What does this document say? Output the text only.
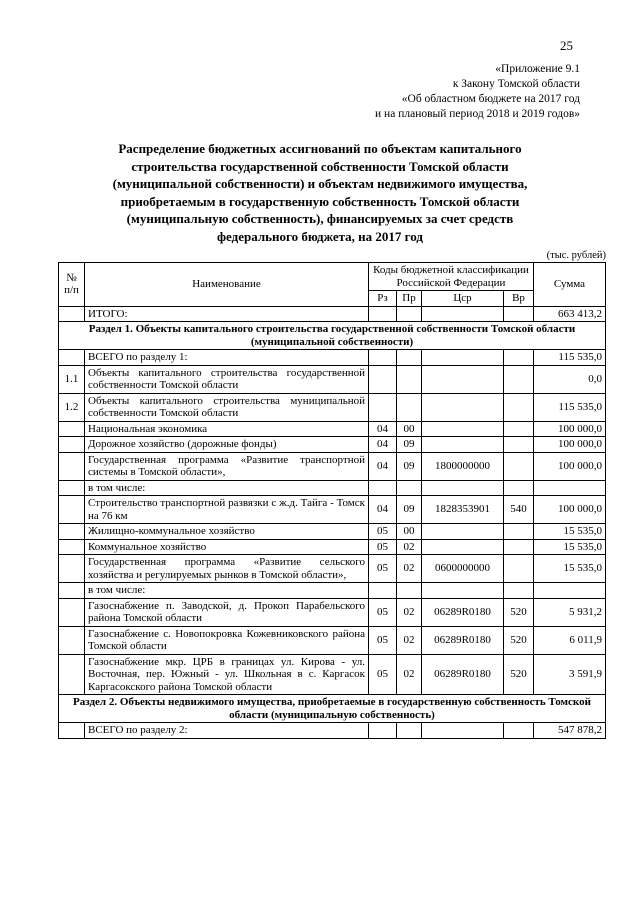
25
«Приложение 9.1
к Закону Томской области
«Об областном бюджете на 2017 год
и на плановый период 2018 и 2019 годов»
Распределение бюджетных ассигнований по объектам капитального
строительства государственной собственности Томской области
(муниципальной собственности) и объектам недвижимого имущества,
приобретаемым в государственную собственность Томской области
(муниципальную собственность), финансируемых за счет средств
федерального бюджета, на 2017 год
(тыс. рублей)
№ п/п	Наименование	Коды бюджетной классификации Российской Федерации				Сумма
		Рз	Пр	Цср	Вр	
	ИТОГО:					663 413,2
Раздел 1. Объекты капитального строительства государственной собственности Томской области (муниципальной собственности)						
	ВСЕГО по разделу 1:					115 535,0
1.1	Объекты капитального строительства государственной собственности Томской области					0,0
1.2	Объекты капитального строительства муниципальной собственности Томской области					115 535,0
	Национальная экономика	04	00			100 000,0
	Дорожное хозяйство (дорожные фонды)	04	09			100 000,0
	Государственная программа «Развитие транспортной системы в Томской области»,	04	09	1800000000		100 000,0
	в том числе:					
	Строительство транспортной развязки с ж.д. Тайга - Томск на 76 км	04	09	1828353901	540	100 000,0
	Жилищно-коммунальное хозяйство	05	00			15 535,0
	Коммунальное хозяйство	05	02			15 535,0
	Государственная программа «Развитие сельского хозяйства и регулируемых рынков в Томской области»,	05	02	0600000000		15 535,0
	в том числе:					
	Газоснабжение п. Заводской, д. Прокоп Парабельского района Томской области	05	02	06289R0180	520	5 931,2
	Газоснабжение с. Новопокровка Кожевниковского района Томской области	05	02	06289R0180	520	6 011,9
	Газоснабжение мкр. ЦРБ в границах ул. Кирова - ул. Восточная, пер. Южный - ул. Школьная в с. Каргасок Каргасокского района Томской области	05	02	06289R0180	520	3 591,9
Раздел 2. Объекты недвижимого имущества, приобретаемые в государственную собственность Томской области (муниципальную собственность)						
	ВСЕГО по разделу 2:					547 878,2
